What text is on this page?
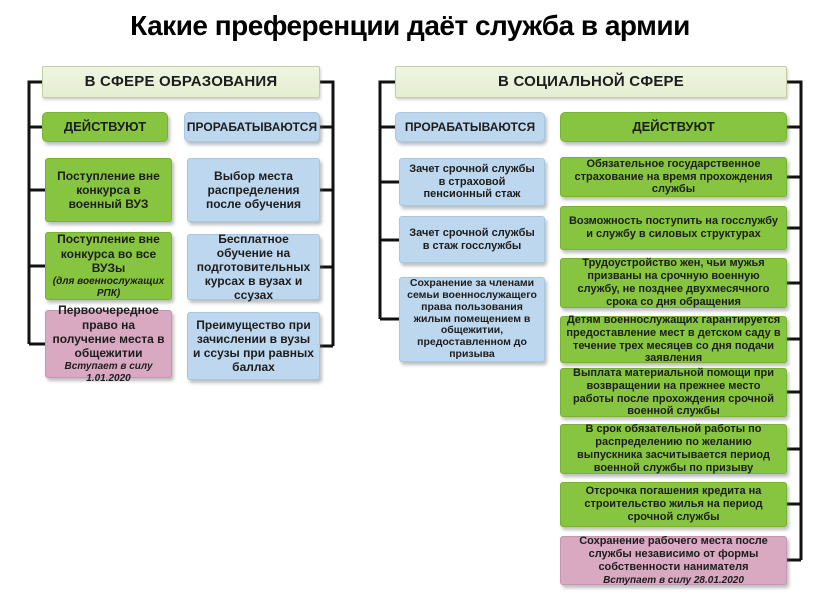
Какие преференции даёт служба в армии
В СФЕРЕ ОБРАЗОВАНИЯ
ДЕЙСТВУЮТ	ПРОРАБАТЫВАЮТСЯ
Поступление вне конкурса в военный ВУЗ
Поступление вне конкурса во все ВУЗы
(для военнослужащих РПК)
Первоочередное право на получение места в общежитии
Вступает в силу 1.01.2020
Выбор места распределения после обучения
Бесплатное обучение на подготовительных курсах в вузах и ссузах
Преимущество при зачислении в вузы и ссузы при равных баллах
В СОЦИАЛЬНОЙ СФЕРЕ
ПРОРАБАТЫВАЮТСЯ	ДЕЙСТВУЮТ
Зачет срочной службы в страховой пенсионный стаж
Зачет срочной службы в стаж госслужбы
Сохранение за членами семьи военнослужащего права пользования жилым помещением в общежитии, предоставленном до призыва
Обязательное государственное страхование на время прохождения службы
Возможность поступить на госслужбу и службу в силовых структурах
Трудоустройство жен, чьи мужья призваны на срочную военную службу, не позднее двухмесячного срока со дня обращения
Детям военнослужащих гарантируется предоставление мест в детском саду в течение трех месяцев со дня подачи заявления
Выплата материальной помощи при возвращении на прежнее место работы после прохождения срочной военной службы
В срок обязательной работы по распределению по желанию выпускника засчитывается период военной службы по призыву
Отсрочка погашения кредита на строительство жилья на период срочной службы
Сохранение рабочего места после службы независимо от формы собственности нанимателя
Вступает в силу 28.01.2020
